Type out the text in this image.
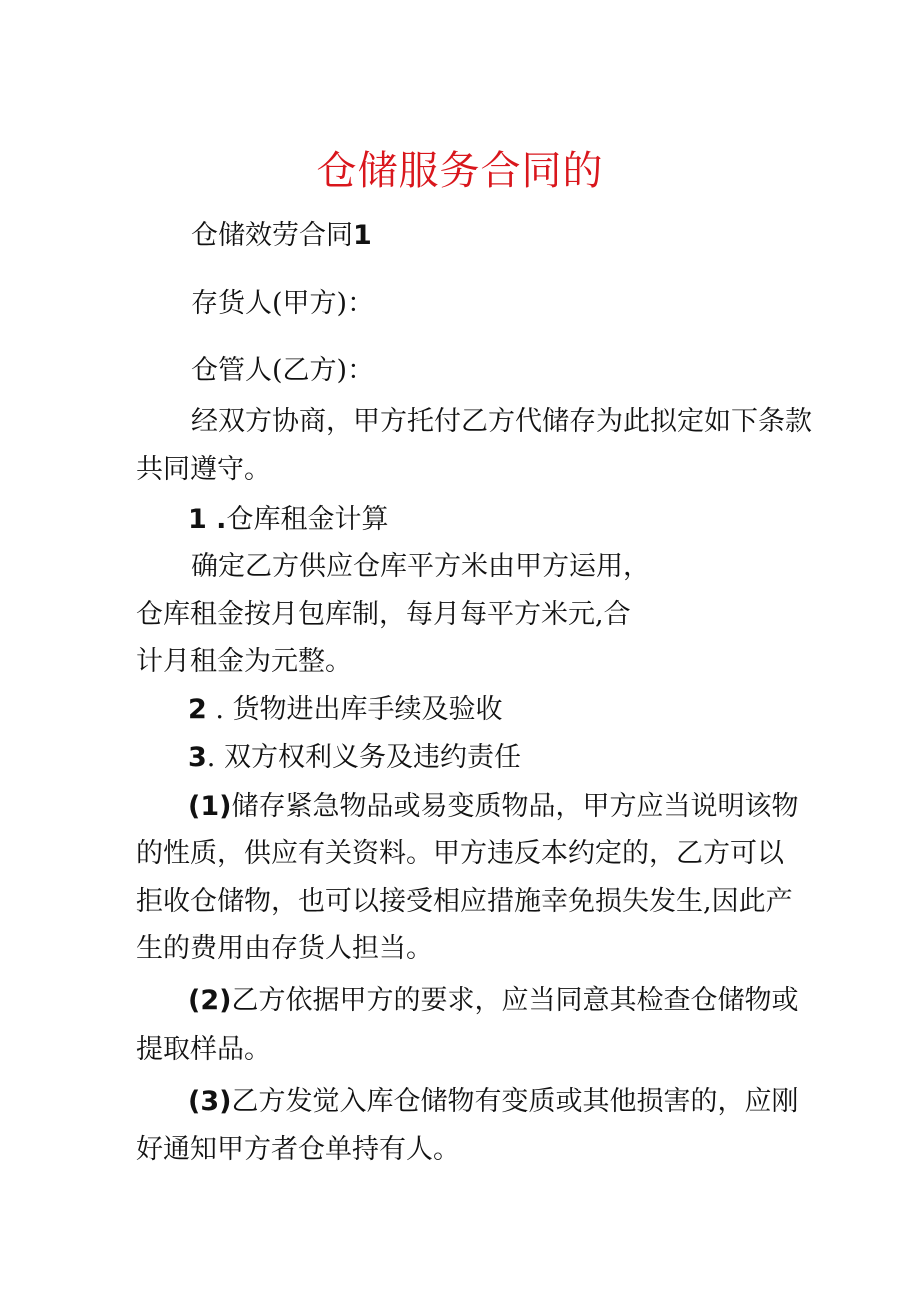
仓储服务合同的
仓储效劳合同1
存货人(甲方)：
仓管人(乙方)：
经双方协商，甲方托付乙方代储存为此拟定如下条款
共同遵守。
1 .仓库租金计算
确定乙方供应仓库平方米由甲方运用，
仓库租金按月包库制，每月每平方米元,合
计月租金为元整。
2 . 货物进出库手续及验收
3. 双方权利义务及违约责任
(1)储存紧急物品或易变质物品，甲方应当说明该物
的性质，供应有关资料。甲方违反本约定的，乙方可以
拒收仓储物，也可以接受相应措施幸免损失发生,因此产
生的费用由存货人担当。
(2)乙方依据甲方的要求，应当同意其检查仓储物或
提取样品。
(3)乙方发觉入库仓储物有变质或其他损害的，应刚
好通知甲方者仓单持有人。
